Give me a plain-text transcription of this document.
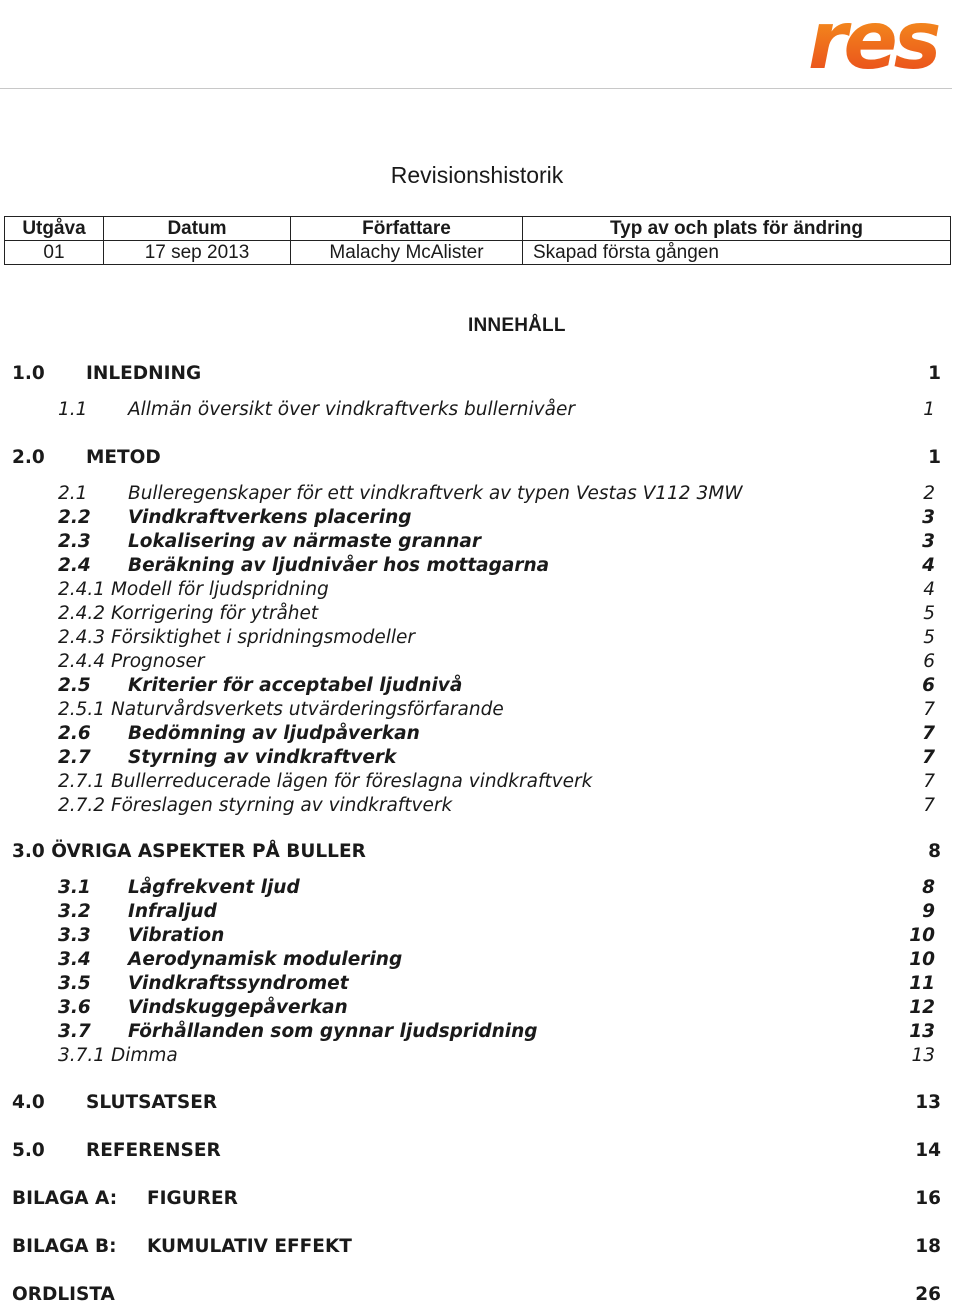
res
Revisionshistorik
Utgåva	Datum	Författare	Typ av och plats för ändring
01	17 sep 2013	Malachy McAlister	Skapad första gången
INNEHÅLL
1.0 INLEDNING	1
1.1 Allmän översikt över vindkraftverks bullernivåer	1
2.0 METOD	1
2.1 Bulleregenskaper för ett vindkraftverk av typen Vestas V112 3MW	2
2.2 Vindkraftverkens placering	3
2.3 Lokalisering av närmaste grannar	3
2.4 Beräkning av ljudnivåer hos mottagarna	4
2.4.1 Modell för ljudspridning	4
2.4.2 Korrigering för ytråhet	5
2.4.3 Försiktighet i spridningsmodeller	5
2.4.4 Prognoser	6
2.5 Kriterier för acceptabel ljudnivå	6
2.5.1 Naturvårdsverkets utvärderingsförfarande	7
2.6 Bedömning av ljudpåverkan	7
2.7 Styrning av vindkraftverk	7
2.7.1 Bullerreducerade lägen för föreslagna vindkraftverk	7
2.7.2 Föreslagen styrning av vindkraftverk	7
3.0 ÖVRIGA ASPEKTER PÅ BULLER	8
3.1 Lågfrekvent ljud	8
3.2 Infraljud	9
3.3 Vibration	10
3.4 Aerodynamisk modulering	10
3.5 Vindkraftssyndromet	11
3.6 Vindskuggepåverkan	12
3.7 Förhållanden som gynnar ljudspridning	13
3.7.1 Dimma	13
4.0 SLUTSATSER	13
5.0 REFERENSER	14
BILAGA A: FIGURER	16
BILAGA B: KUMULATIV EFFEKT	18
ORDLISTA	26
